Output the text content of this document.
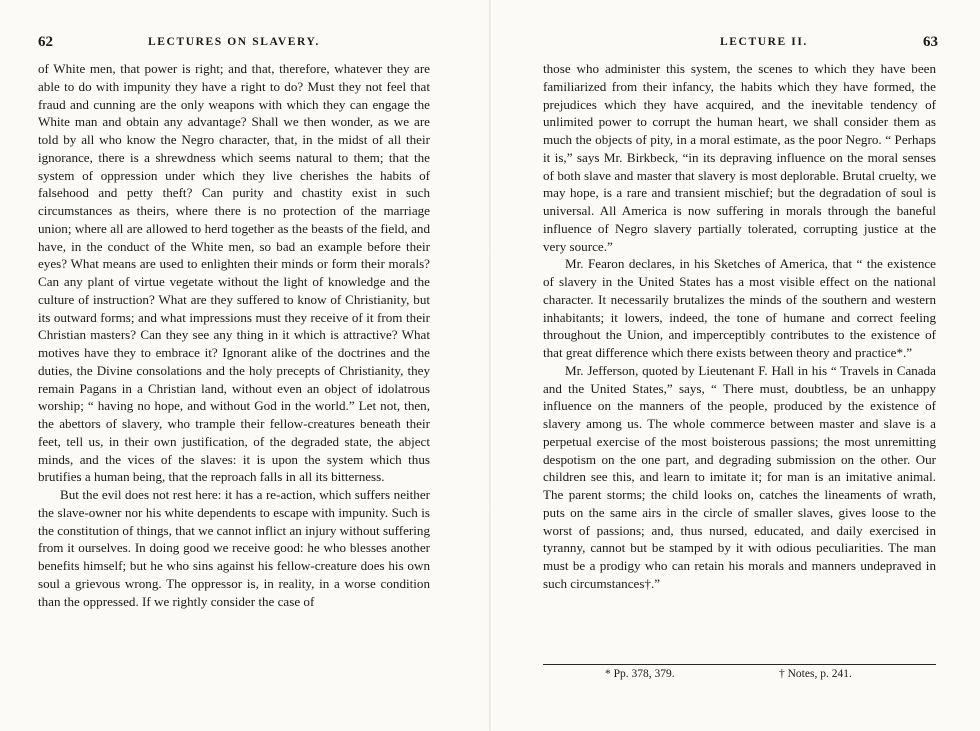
62	LECTURES ON SLAVERY.

of White men, that power is right; and that, therefore, whatever they are able to do with impunity they have a right to do? Must they not feel that fraud and cunning are the only weapons with which they can engage the White man and obtain any advantage? Shall we then wonder, as we are told by all who know the Negro character, that, in the midst of all their ignorance, there is a shrewdness which seems natural to them; that the system of oppression under which they live cherishes the habits of falsehood and petty theft? Can purity and chastity exist in such circumstances as theirs, where there is no protection of the marriage union; where all are allowed to herd together as the beasts of the field, and have, in the conduct of the White men, so bad an example before their eyes? What means are used to enlighten their minds or form their morals? Can any plant of virtue vegetate without the light of knowledge and the culture of instruction? What are they suffered to know of Christianity, but its outward forms; and what impressions must they receive of it from their Christian masters? Can they see any thing in it which is attractive? What motives have they to embrace it? Ignorant alike of the doctrines and the duties, the Divine consolations and the holy precepts of Christianity, they remain Pagans in a Christian land, without even an object of idolatrous worship; “ having no hope, and without God in the world.” Let not, then, the abettors of slavery, who trample their fellow-creatures beneath their feet, tell us, in their own justification, of the degraded state, the abject minds, and the vices of the slaves: it is upon the system which thus brutifies a human being, that the reproach falls in all its bitterness.

But the evil does not rest here: it has a re-action, which suffers neither the slave-owner nor his white dependents to escape with impunity. Such is the constitution of things, that we cannot inflict an injury without suffering from it ourselves. In doing good we receive good: he who blesses another benefits himself; but he who sins against his fellow-creature does his own soul a grievous wrong. The oppressor is, in reality, in a worse condition than the oppressed. If we rightly consider the case of

LECTURE II.	63

those who administer this system, the scenes to which they have been familiarized from their infancy, the habits which they have formed, the prejudices which they have acquired, and the inevitable tendency of unlimited power to corrupt the human heart, we shall consider them as much the objects of pity, in a moral estimate, as the poor Negro. “ Perhaps it is,” says Mr. Birkbeck, “in its depraving influence on the moral senses of both slave and master that slavery is most deplorable. Brutal cruelty, we may hope, is a rare and transient mischief; but the degradation of soul is universal. All America is now suffering in morals through the baneful influence of Negro slavery partially tolerated, corrupting justice at the very source.”

Mr. Fearon declares, in his Sketches of America, that “ the existence of slavery in the United States has a most visible effect on the national character. It necessarily brutalizes the minds of the southern and western inhabitants; it lowers, indeed, the tone of humane and correct feeling throughout the Union, and imperceptibly contributes to the existence of that great difference which there exists between theory and practice*.”

Mr. Jefferson, quoted by Lieutenant F. Hall in his “ Travels in Canada and the United States,” says, “ There must, doubtless, be an unhappy influence on the manners of the people, produced by the existence of slavery among us. The whole commerce between master and slave is a perpetual exercise of the most boisterous passions; the most unremitting despotism on the one part, and degrading submission on the other. Our children see this, and learn to imitate it; for man is an imitative animal. The parent storms; the child looks on, catches the lineaments of wrath, puts on the same airs in the circle of smaller slaves, gives loose to the worst of passions; and, thus nursed, educated, and daily exercised in tyranny, cannot but be stamped by it with odious peculiarities. The man must be a prodigy who can retain his morals and manners undepraved in such circumstances†.”

* Pp. 378, 379.	† Notes, p. 241.
